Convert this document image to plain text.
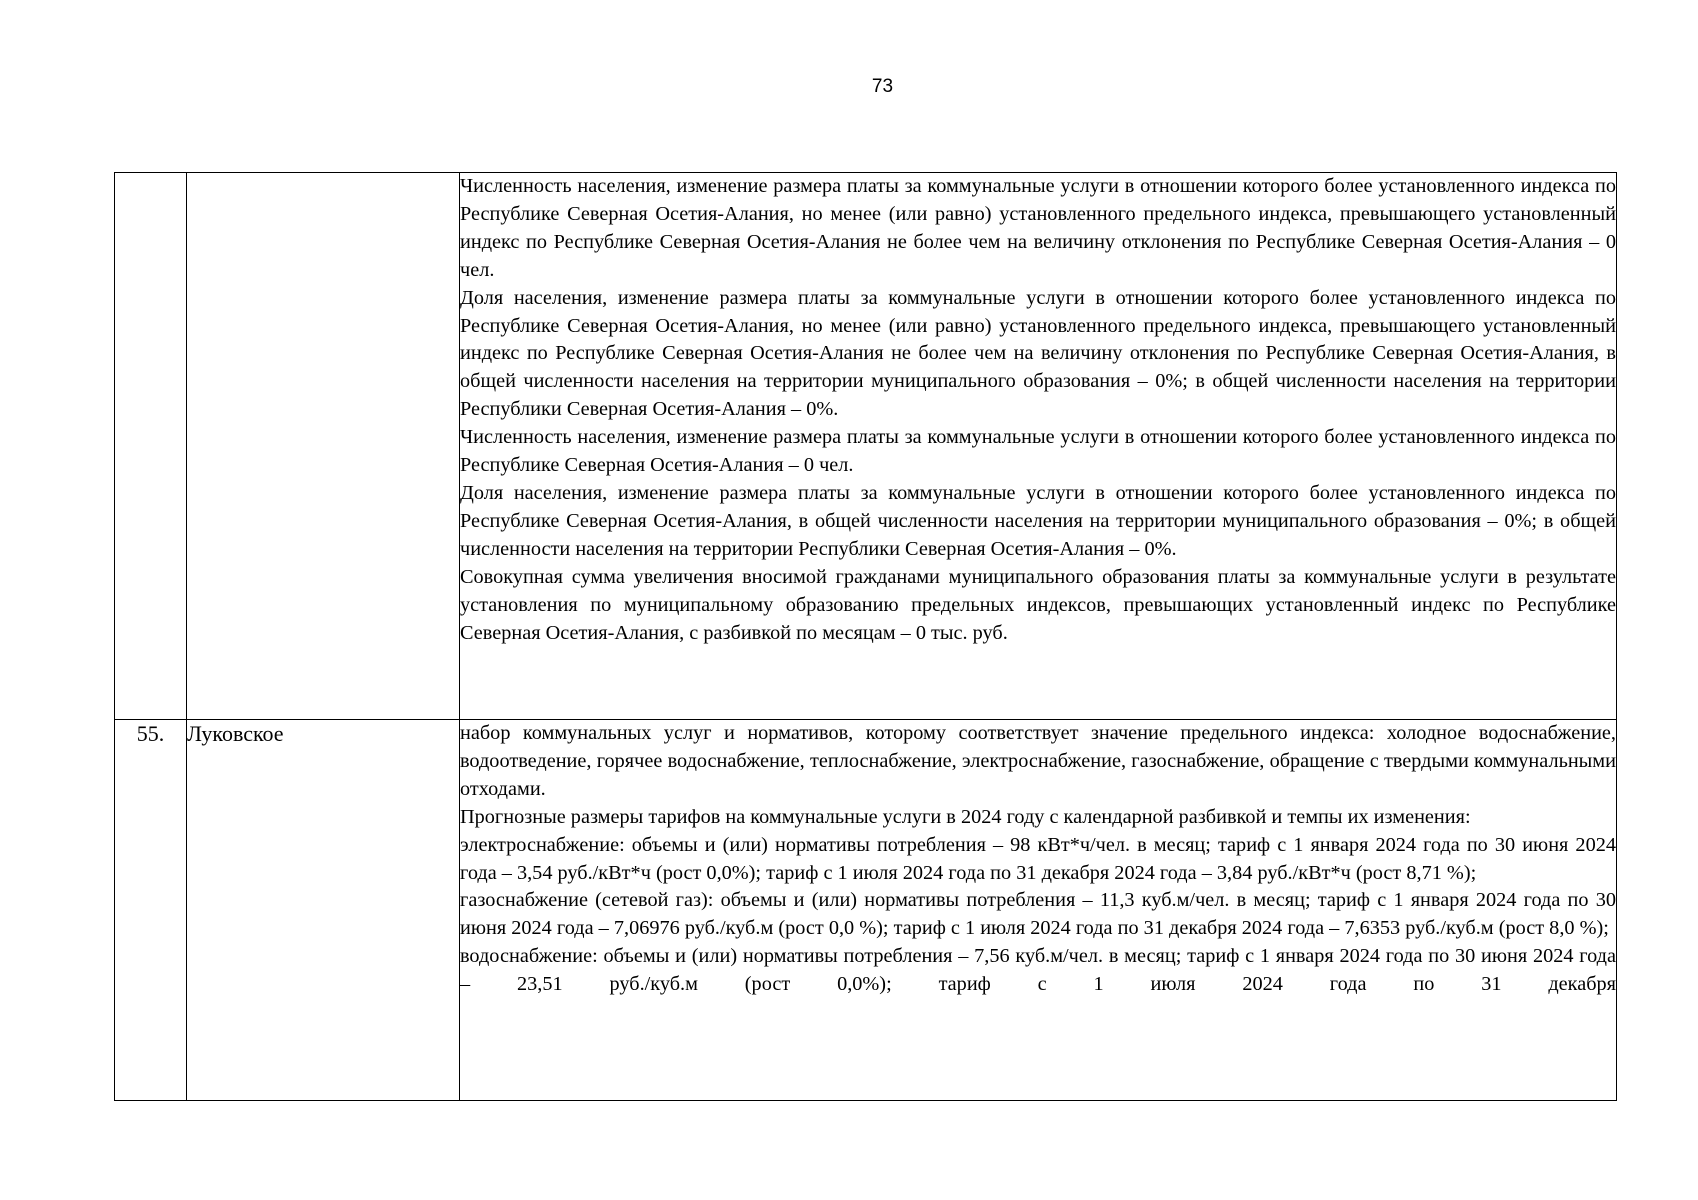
73

		Численность населения, изменение размера платы за коммунальные услуги в отношении которого более установленного индекса по Республике Северная Осетия-Алания, но менее (или равно) установленного предельного индекса, превышающего установленный индекс по Республике Северная Осетия-Алания не более чем на величину отклонения по Республике Северная Осетия-Алания – 0 чел.

Доля населения, изменение размера платы за коммунальные услуги в отношении которого более установленного индекса по Республике Северная Осетия-Алания, но менее (или равно) установленного предельного индекса, превышающего установленный индекс по Республике Северная Осетия-Алания не более чем на величину отклонения по Республике Северная Осетия-Алания, в общей численности населения на территории муниципального образования – 0%; в общей численности населения на территории Республики Северная Осетия-Алания – 0%.

Численность населения, изменение размера платы за коммунальные услуги в отношении которого более установленного индекса по Республике Северная Осетия-Алания – 0 чел.

Доля населения, изменение размера платы за коммунальные услуги в отношении которого более установленного индекса по Республике Северная Осетия-Алания, в общей численности населения на территории муниципального образования – 0%; в общей численности населения на территории Республики Северная Осетия-Алания – 0%.

Совокупная сумма увеличения вносимой гражданами муниципального образования платы за коммунальные услуги в результате установления по муниципальному образованию предельных индексов, превышающих установленный индекс по Республике Северная Осетия-Алания, с разбивкой по месяцам – 0 тыс. руб.

55.	Луковское	набор коммунальных услуг и нормативов, которому соответствует значение предельного индекса: холодное водоснабжение, водоотведение, горячее водоснабжение, теплоснабжение, электроснабжение, газоснабжение, обращение с твердыми коммунальными отходами.

Прогнозные размеры тарифов на коммунальные услуги в 2024 году с календарной разбивкой и темпы их изменения:

электроснабжение: объемы и (или) нормативы потребления – 98 кВт*ч/чел. в месяц; тариф с 1 января 2024 года по 30 июня 2024 года – 3,54 руб./кВт*ч (рост 0,0%); тариф с 1 июля 2024 года по 31 декабря 2024 года – 3,84 руб./кВт*ч (рост 8,71 %);

газоснабжение (сетевой газ): объемы и (или) нормативы потребления – 11,3 куб.м/чел. в месяц; тариф с 1 января 2024 года по 30 июня 2024 года – 7,06976 руб./куб.м (рост 0,0 %); тариф с 1 июля 2024 года по 31 декабря 2024 года – 7,6353 руб./куб.м (рост 8,0 %);

водоснабжение: объемы и (или) нормативы потребления – 7,56 куб.м/чел. в месяц; тариф с 1 января 2024 года по 30 июня 2024 года – 23,51 руб./куб.м (рост 0,0%); тариф с 1 июля 2024 года по 31 декабря
